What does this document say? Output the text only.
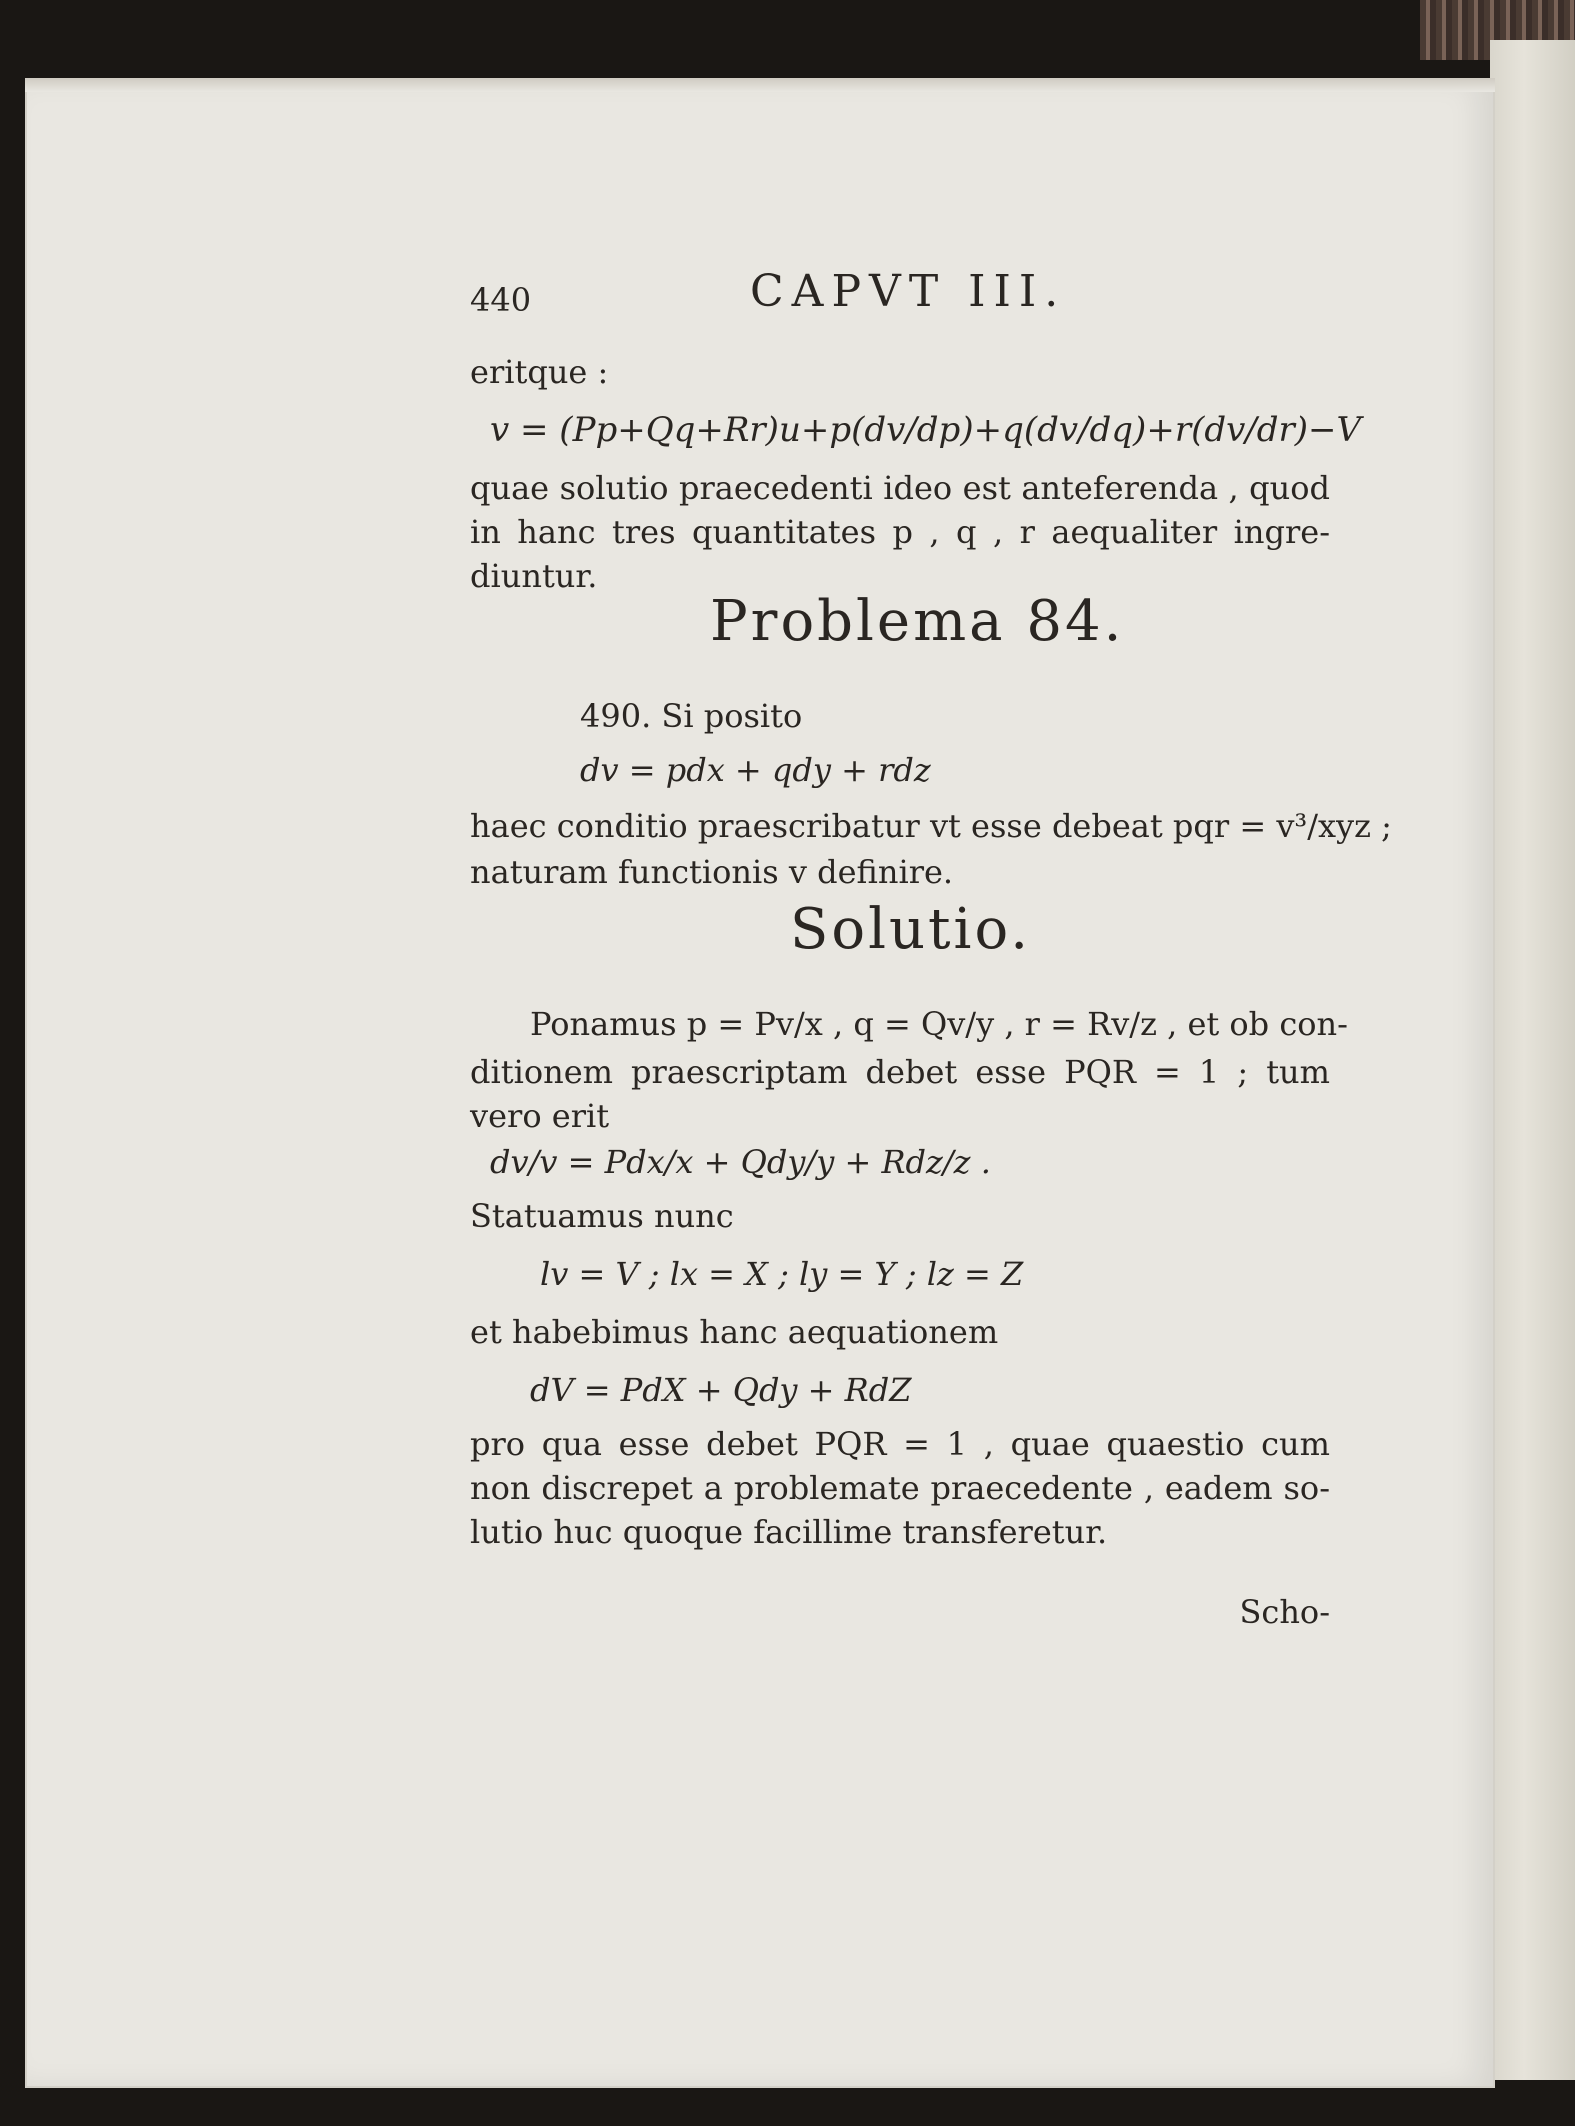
440	CAPVT III.
eritque :
v = (Pp+Qq+Rr)u+p(dv/dp)+q(dv/dq)+r(dv/dr)−V
quae solutio praecedenti ideo est anteferenda , quod
in hanc tres quantitates p , q , r aequaliter ingre-
diuntur.
Problema 84.
490. Si posito
dv = pdx + qdy + rdz
haec conditio praescribatur vt esse debeat pqr = v³/xyz ;
naturam functionis v definire.
Solutio.
Ponamus p = Pv/x , q = Qv/y , r = Rv/z , et ob con-
ditionem praescriptam debet esse PQR = 1 ; tum
vero erit
dv/v = Pdx/x + Qdy/y + Rdz/z .
Statuamus nunc
lv = V ; lx = X ; ly = Y ; lz = Z
et habebimus hanc aequationem
dV = PdX + Qdy + RdZ
pro qua esse debet PQR = 1 , quae quaestio cum
non discrepet a problemate praecedente , eadem so-
lutio huc quoque facillime transferetur.
Scho-
